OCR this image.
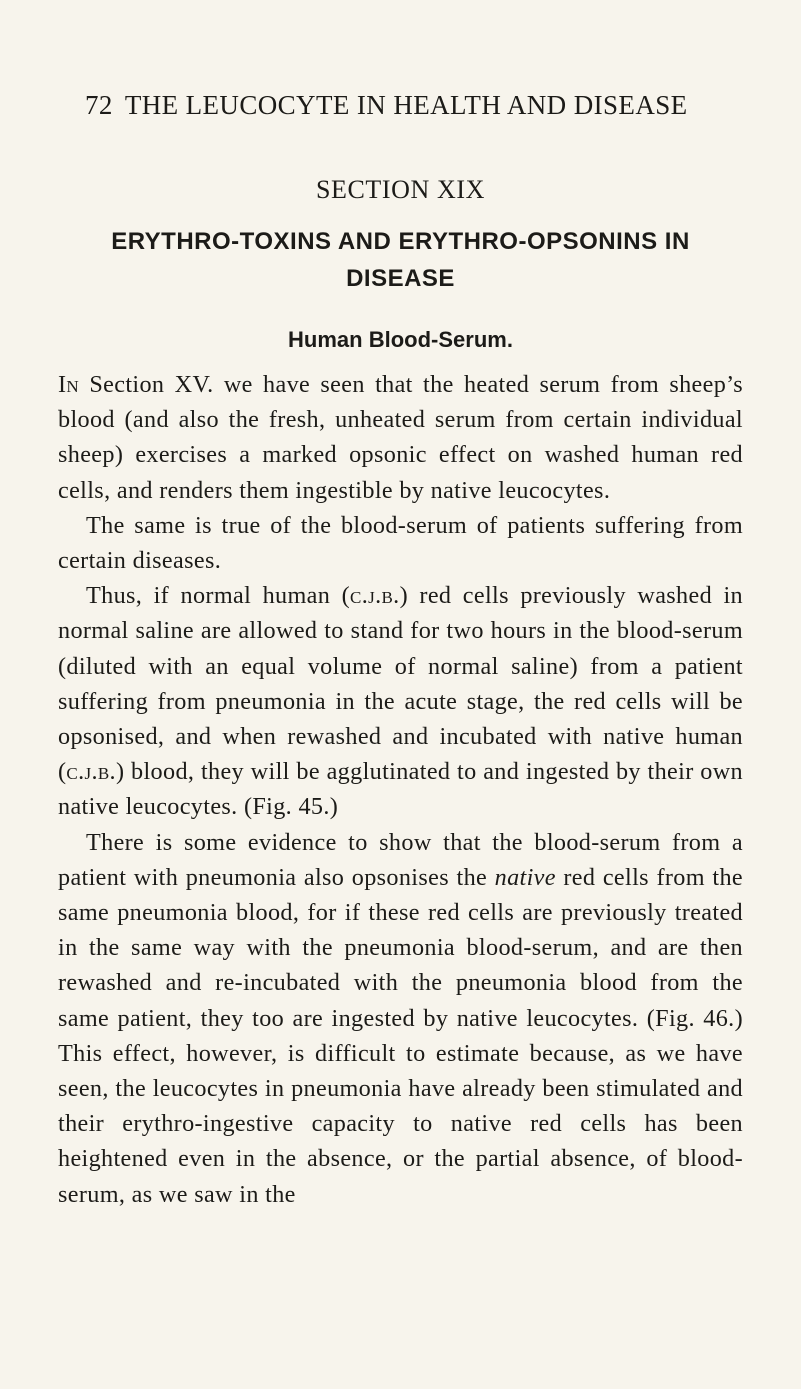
72 THE LEUCOCYTE IN HEALTH AND DISEASE
SECTION XIX
ERYTHRO-TOXINS AND ERYTHRO-OPSONINS IN
DISEASE
Human Blood-Serum.

In Section XV. we have seen that the heated serum from sheep’s blood (and also the fresh, unheated serum from certain individual sheep) exercises a marked opsonic effect on washed human red cells, and renders them ingestible by native leucocytes.

The same is true of the blood-serum of patients suffering from certain diseases.

Thus, if normal human (c.j.b.) red cells previously washed in normal saline are allowed to stand for two hours in the blood-serum (diluted with an equal volume of normal saline) from a patient suffering from pneumonia in the acute stage, the red cells will be opsonised, and when rewashed and incubated with native human (c.j.b.) blood, they will be agglutinated to and ingested by their own native leucocytes. (Fig. 45.)

There is some evidence to show that the blood-serum from a patient with pneumonia also opsonises the native red cells from the same pneumonia blood, for if these red cells are previously treated in the same way with the pneumonia blood-serum, and are then rewashed and re-incubated with the pneumonia blood from the same patient, they too are ingested by native leucocytes. (Fig. 46.) This effect, however, is difficult to estimate because, as we have seen, the leucocytes in pneumonia have already been stimulated and their erythro-ingestive capacity to native red cells has been heightened even in the absence, or the partial absence, of blood-serum, as we saw in the
